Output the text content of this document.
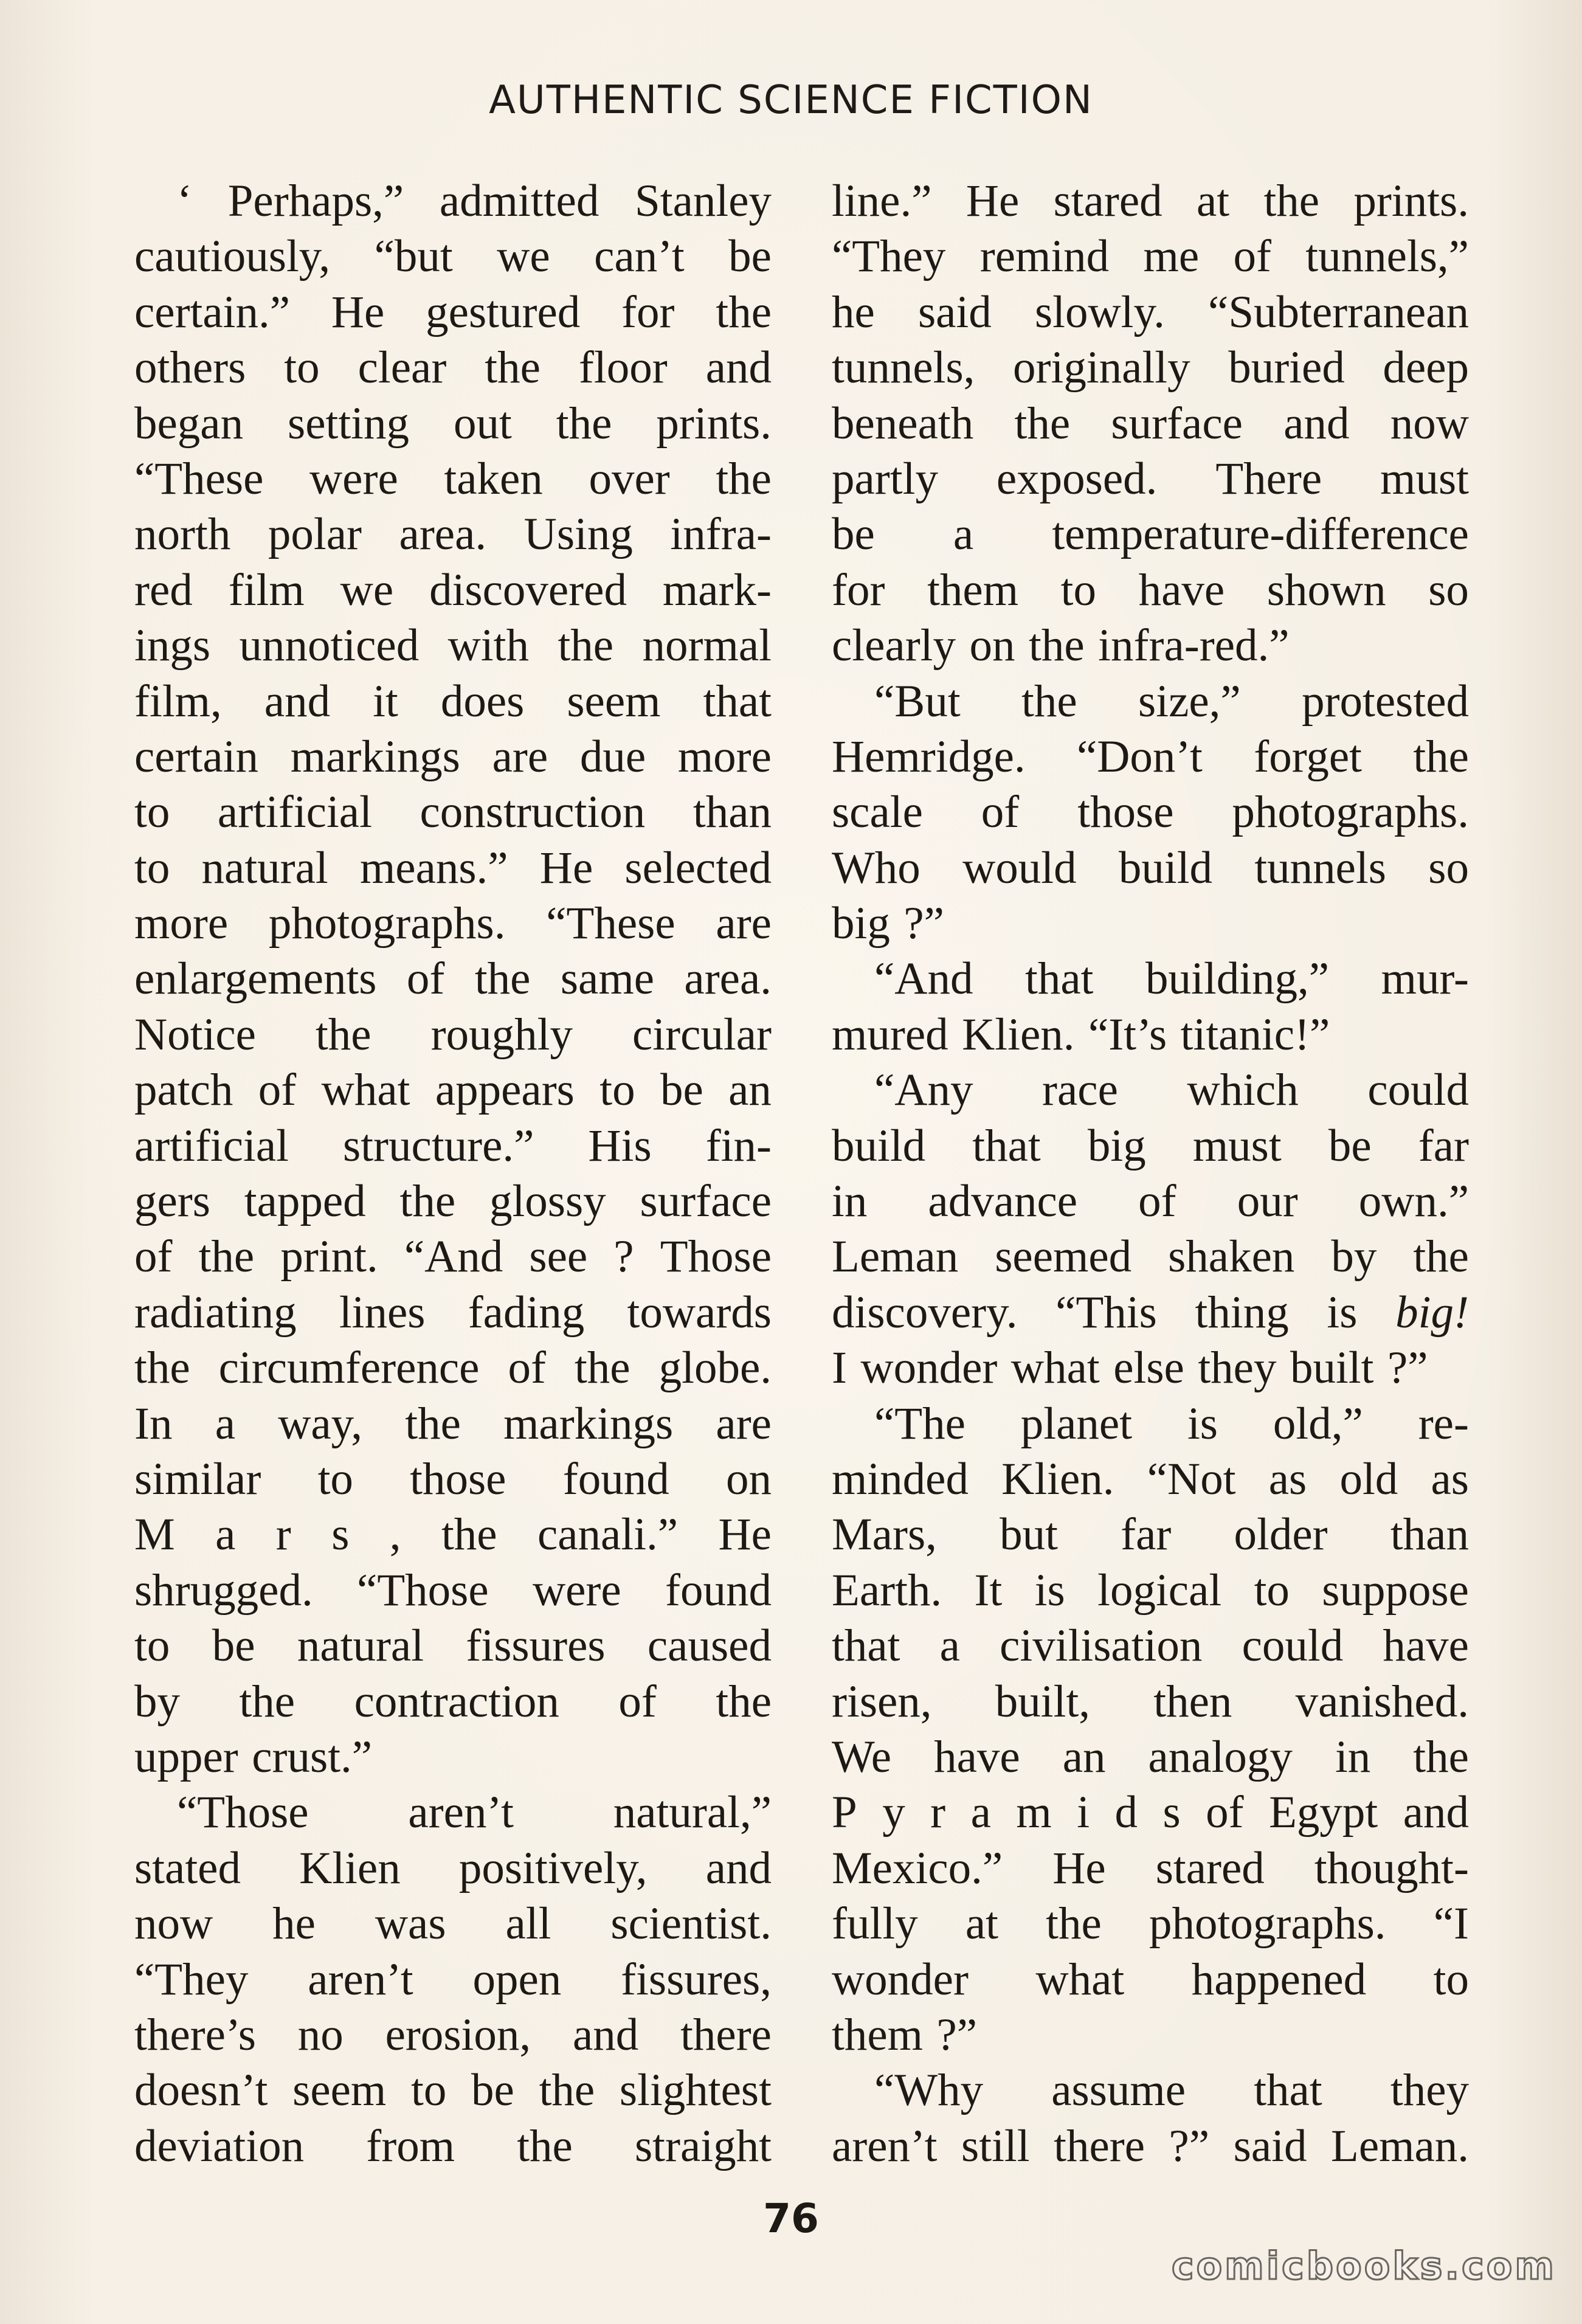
AUTHENTIC SCIENCE FICTION
‘ Perhaps,” admitted Stanley
cautiously, “but we can’t be
certain.” He gestured for the
others to clear the floor and
began setting out the prints.
“These were taken over the
north polar area. Using infra-
red film we discovered mark-
ings unnoticed with the normal
film, and it does seem that
certain markings are due more
to artificial construction than
to natural means.” He selected
more photographs. “These are
enlargements of the same area.
Notice the roughly circular
patch of what appears to be an
artificial structure.” His fin-
gers tapped the glossy surface
of the print. “And see ? Those
radiating lines fading towards
the circumference of the globe.
In a way, the markings are
similar to those found on
M a r s , the canali.” He
shrugged. “Those were found
to be natural fissures caused
by the contraction of the
upper crust.”
“Those aren’t natural,”
stated Klien positively, and
now he was all scientist.
“They aren’t open fissures,
there’s no erosion, and there
doesn’t seem to be the slightest
deviation from the straight
line.” He stared at the prints.
“They remind me of tunnels,”
he said slowly. “Subterranean
tunnels, originally buried deep
beneath the surface and now
partly exposed. There must
be a temperature-difference
for them to have shown so
clearly on the infra-red.”
“But the size,” protested
Hemridge. “Don’t forget the
scale of those photographs.
Who would build tunnels so
big ?”
“And that building,” mur-
mured Klien. “It’s titanic!”
“Any race which could
build that big must be far
in advance of our own.”
Leman seemed shaken by the
discovery. “This thing is big!
I wonder what else they built ?”
“The planet is old,” re-
minded Klien. “Not as old as
Mars, but far older than
Earth. It is logical to suppose
that a civilisation could have
risen, built, then vanished.
We have an analogy in the
P y r a m i d s of Egypt and
Mexico.” He stared thought-
fully at the photographs. “I
wonder what happened to
them ?”
“Why assume that they
aren’t still there ?” said Leman.
76
comicbooks.com
